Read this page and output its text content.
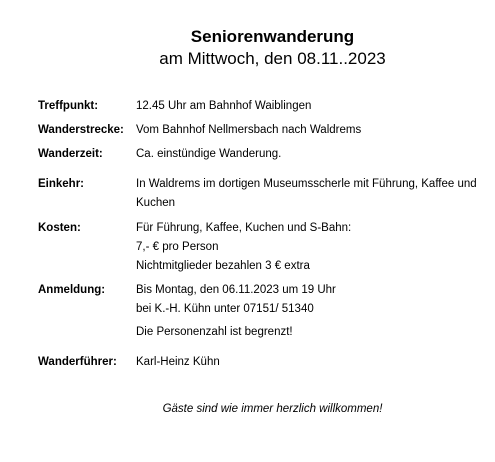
Seniorenwanderung
am Mittwoch, den 08.11..2023
Treffpunkt:	12.45 Uhr am Bahnhof Waiblingen
Wanderstrecke:	Vom Bahnhof Nellmersbach nach Waldrems
Wanderzeit:	Ca. einstündige Wanderung.
Einkehr:	In Waldrems im dortigen Museumsscherle mit Führung, Kaffee und
Kuchen
Kosten:	Für Führung, Kaffee, Kuchen und S-Bahn:
7,- € pro Person
Nichtmitglieder bezahlen 3 € extra
Anmeldung:	Bis Montag, den 06.11.2023 um 19 Uhr
bei K.-H. Kühn unter 07151/ 51340
Die Personenzahl ist begrenzt!
Wanderführer:	Karl-Heinz Kühn
Gäste sind wie immer herzlich willkommen!
